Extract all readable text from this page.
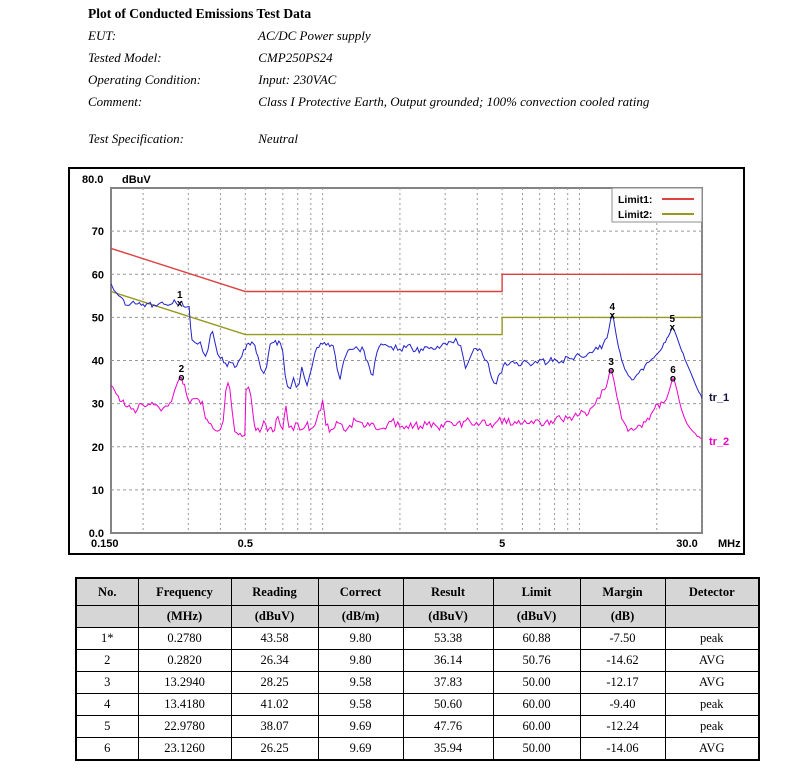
Plot of Conducted Emissions Test Data
EUT:	AC/DC Power supply
Tested Model:	CMP250PS24
Operating Condition:	Input: 230VAC
Comment:	Class I Protective Earth, Output grounded; 100% convection cooled rating
Test Specification:	Neutral
80.0 dBuV
70
60
50
40
30
20
10
0.0
0.150	0.5	5	30.0 MHz
x
1
o
2	o
3
x
4
x
5
o
6
tr_1
tr_2
Limit1:
Limit2:
No.	Frequency	Reading	Correct	Result	Limit	Margin	Detector
	(MHz)	(dBuV)	(dB/m)	(dBuV)	(dBuV)	(dB)	
1*	0.2780	43.58	9.80	53.38	60.88	-7.50	peak
2	0.2820	26.34	9.80	36.14	50.76	-14.62	AVG
3	13.2940	28.25	9.58	37.83	50.00	-12.17	AVG
4	13.4180	41.02	9.58	50.60	60.00	-9.40	peak
5	22.9780	38.07	9.69	47.76	60.00	-12.24	peak
6	23.1260	26.25	9.69	35.94	50.00	-14.06	AVG
